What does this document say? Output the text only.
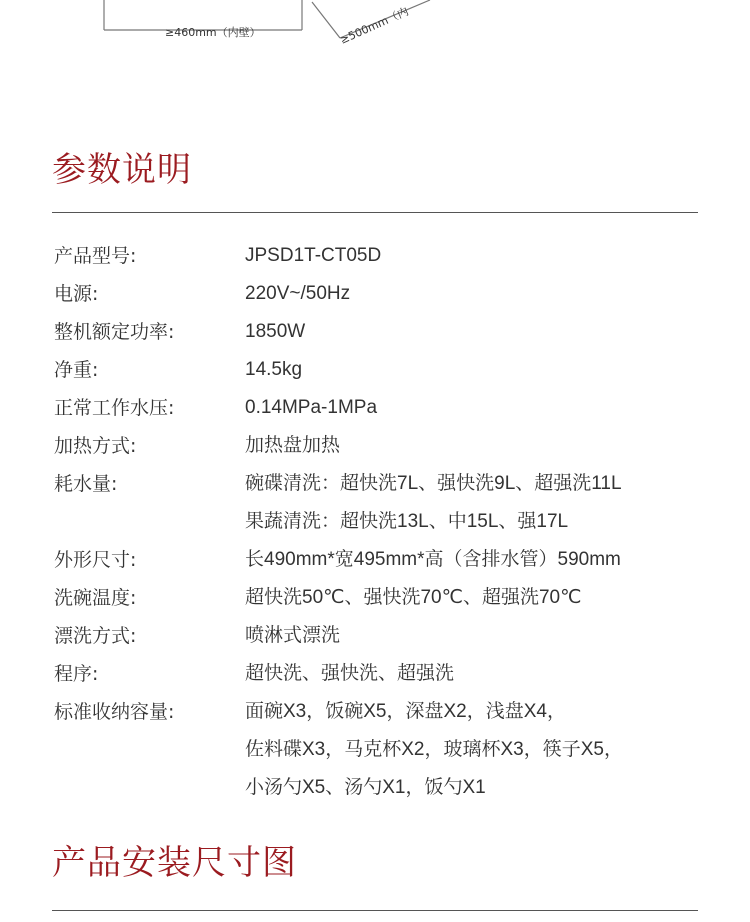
≥460mm（内壁）	≥500mm（内
参数说明
产品型号:	JPSD1T-CT05D
电源:	220V~/50Hz
整机额定功率:	1850W
净重:	14.5kg
正常工作水压:	0.14MPa-1MPa
加热方式:	加热盘加热
耗水量:	碗碟清洗：超快洗7L、强快洗9L、超强洗11L
果蔬清洗：超快洗13L、中15L、强17L
外形尺寸:	长490mm*宽495mm*高（含排水管）590mm
洗碗温度:	超快洗50℃、强快洗70℃、超强洗70℃
漂洗方式:	喷淋式漂洗
程序:	超快洗、强快洗、超强洗
标准收纳容量:	面碗X3，饭碗X5，深盘X2，浅盘X4，
佐料碟X3，马克杯X2，玻璃杯X3，筷子X5，
小汤勺X5、汤勺X1，饭勺X1
产品安装尺寸图
